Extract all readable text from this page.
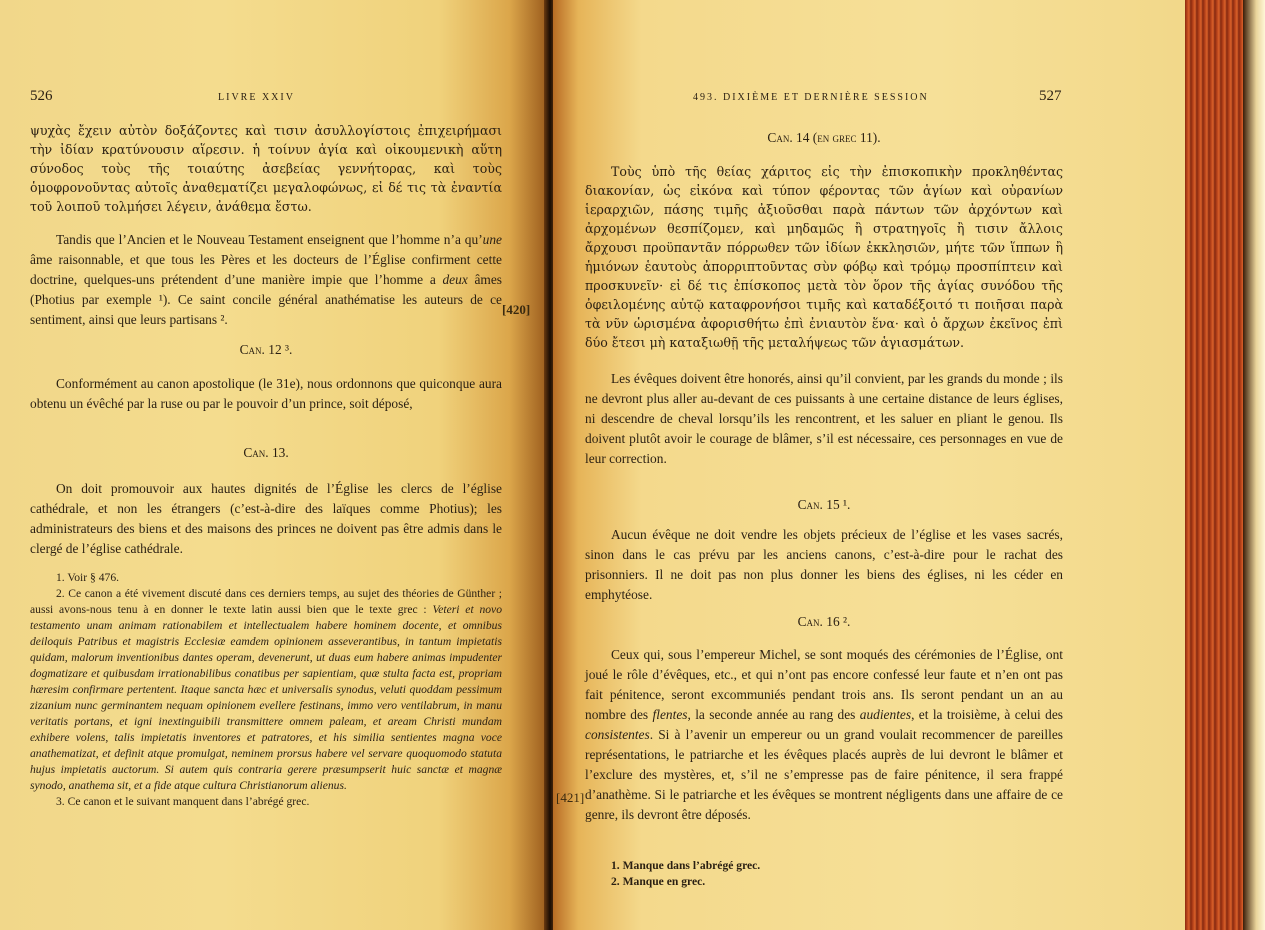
526	LIVRE XXIV
ψυχὰς ἔχειν αὐτὸν δοξάζοντες καὶ τισιν ἀσυλλογίστοις ἐπιχειρήμασι τὴν ἰδίαν κρατύνουσιν αἵρεσιν. ἡ τοίνυν ἁγία καὶ οἰκουμενικὴ αὕτη σύνοδος τοὺς τῆς τοιαύτης ἀσεβείας γεννήτορας, καὶ τοὺς ὁμοφρονοῦντας αὐτοῖς ἀναθεματίζει μεγαλοφώνως, εἰ δέ τις τὰ ἐναντία τοῦ λοιποῦ τολμήσει λέγειν, ἀνάθεμα ἔστω.

Tandis que l’Ancien et le Nouveau Testament enseignent que l’homme n’a qu’une âme raisonnable, et que tous les Pères et les docteurs de l’Église confirment cette doctrine, quelques-uns prétendent d’une manière impie que l’homme a deux âmes (Photius par exemple ¹). Ce saint concile général anathématise les auteurs de ce sentiment, ainsi que leurs partisans ².

Can. 12 ³.

Conformément au canon apostolique (le 31e), nous ordonnons que quiconque aura obtenu un évêché par la ruse ou par le pouvoir d’un prince, soit déposé,

Can. 13.

On doit promouvoir aux hautes dignités de l’Église les clercs de l’église cathédrale, et non les étrangers (c’est-à-dire des laïques comme Photius); les administrateurs des biens et des maisons des princes ne doivent pas être admis dans le clergé de l’église cathédrale.

1. Voir § 476.

2. Ce canon a été vivement discuté dans ces derniers temps, au sujet des théories de Günther ; aussi avons-nous tenu à en donner le texte latin aussi bien que le texte grec : Veteri et novo testamento unam animam rationabilem et intellectualem habere hominem docente, et omnibus deiloquis Patribus et magistris Ecclesiæ eamdem opinionem asseverantibus, in tantum impietatis quidam, malorum inventionibus dantes operam, devenerunt, ut duas eum habere animas impudenter dogmatizare et quibusdam irrationabilibus conatibus per sapientiam, quæ stulta facta est, propriam hæresim confirmare pertentent. Itaque sancta hæc et universalis synodus, veluti quoddam pessimum zizanium nunc germinantem nequam opinionem evellere festinans, immo vero ventilabrum, in manu veritatis portans, et igni inextinguibili transmittere omnem paleam, et aream Christi mundam exhibere volens, talis impietatis inventores et patratores, et his similia sentientes magna voce anathematizat, et definit atque promulgat, neminem prorsus habere vel servare quoquomodo statuta hujus impietatis auctorum. Si autem quis contraria gerere præsumpserit huic sanctæ et magnæ synodo, anathema sit, et a fide atque cultura Christianorum alienus.

3. Ce canon et le suivant manquent dans l’abrégé grec.

[420]
493. DIXIÈME ET DERNIÈRE SESSION	527
Can. 14 (en grec 11).

Τοὺς ὑπὸ τῆς θείας χάριτος εἰς τὴν ἐπισκοπικὴν προκληθέντας διακονίαν, ὡς εἰκόνα καὶ τύπον φέροντας τῶν ἁγίων καὶ οὐρανίων ἱεραρχιῶν, πάσης τιμῆς ἀξιοῦσθαι παρὰ πάντων τῶν ἀρχόντων καὶ ἀρχομένων θεσπίζομεν, καὶ μηδαμῶς ἢ στρατηγοῖς ἢ τισιν ἄλλοις ἄρχουσι προϋπαντᾶν πόρρωθεν τῶν ἰδίων ἐκκλησιῶν, μήτε τῶν ἵππων ἢ ἡμιόνων ἑαυτοὺς ἀπορριπτοῦντας σὺν φόβῳ καὶ τρόμῳ προσπίπτειν καὶ προσκυνεῖν· εἰ δέ τις ἐπίσκοπος μετὰ τὸν ὅρον τῆς ἁγίας συνόδου τῆς ὀφειλομένης αὐτῷ καταφρονήσοι τιμῆς καὶ καταδέξοιτό τι ποιῆσαι παρὰ τὰ νῦν ὡρισμένα ἀφορισθήτω ἐπὶ ἐνιαυτὸν ἕνα· καὶ ὁ ἄρχων ἐκεῖνος ἐπὶ δύο ἔτεσι μὴ καταξιωθῇ τῆς μεταλήψεως τῶν ἁγιασμάτων.

Les évêques doivent être honorés, ainsi qu’il convient, par les grands du monde ; ils ne devront plus aller au-devant de ces puissants à une certaine distance de leurs églises, ni descendre de cheval lorsqu’ils les rencontrent, et les saluer en pliant le genou. Ils doivent plutôt avoir le courage de blâmer, s’il est nécessaire, ces personnages en vue de leur correction.

Can. 15 ¹.

Aucun évêque ne doit vendre les objets précieux de l’église et les vases sacrés, sinon dans le cas prévu par les anciens canons, c’est-à-dire pour le rachat des prisonniers. Il ne doit pas non plus donner les biens des églises, ni les céder en emphytéose.

Can. 16 ².

Ceux qui, sous l’empereur Michel, se sont moqués des cérémonies de l’Église, ont joué le rôle d’évêques, etc., et qui n’ont pas encore confessé leur faute et n’en ont pas fait pénitence, seront excommuniés pendant trois ans. Ils seront pendant un an au nombre des flentes, la seconde année au rang des audientes, et la troisième, à celui des consistentes. Si à l’avenir un empereur ou un grand voulait recommencer de pareilles représentations, le patriarche et les évêques placés auprès de lui devront le blâmer et l’exclure des mystères, et, s’il ne s’empresse pas de faire pénitence, il sera frappé d’anathème. Si le patriarche et les évêques se montrent négligents dans une affaire de ce genre, ils devront être déposés.

1. Manque dans l’abrégé grec.

2. Manque en grec.

[421]
